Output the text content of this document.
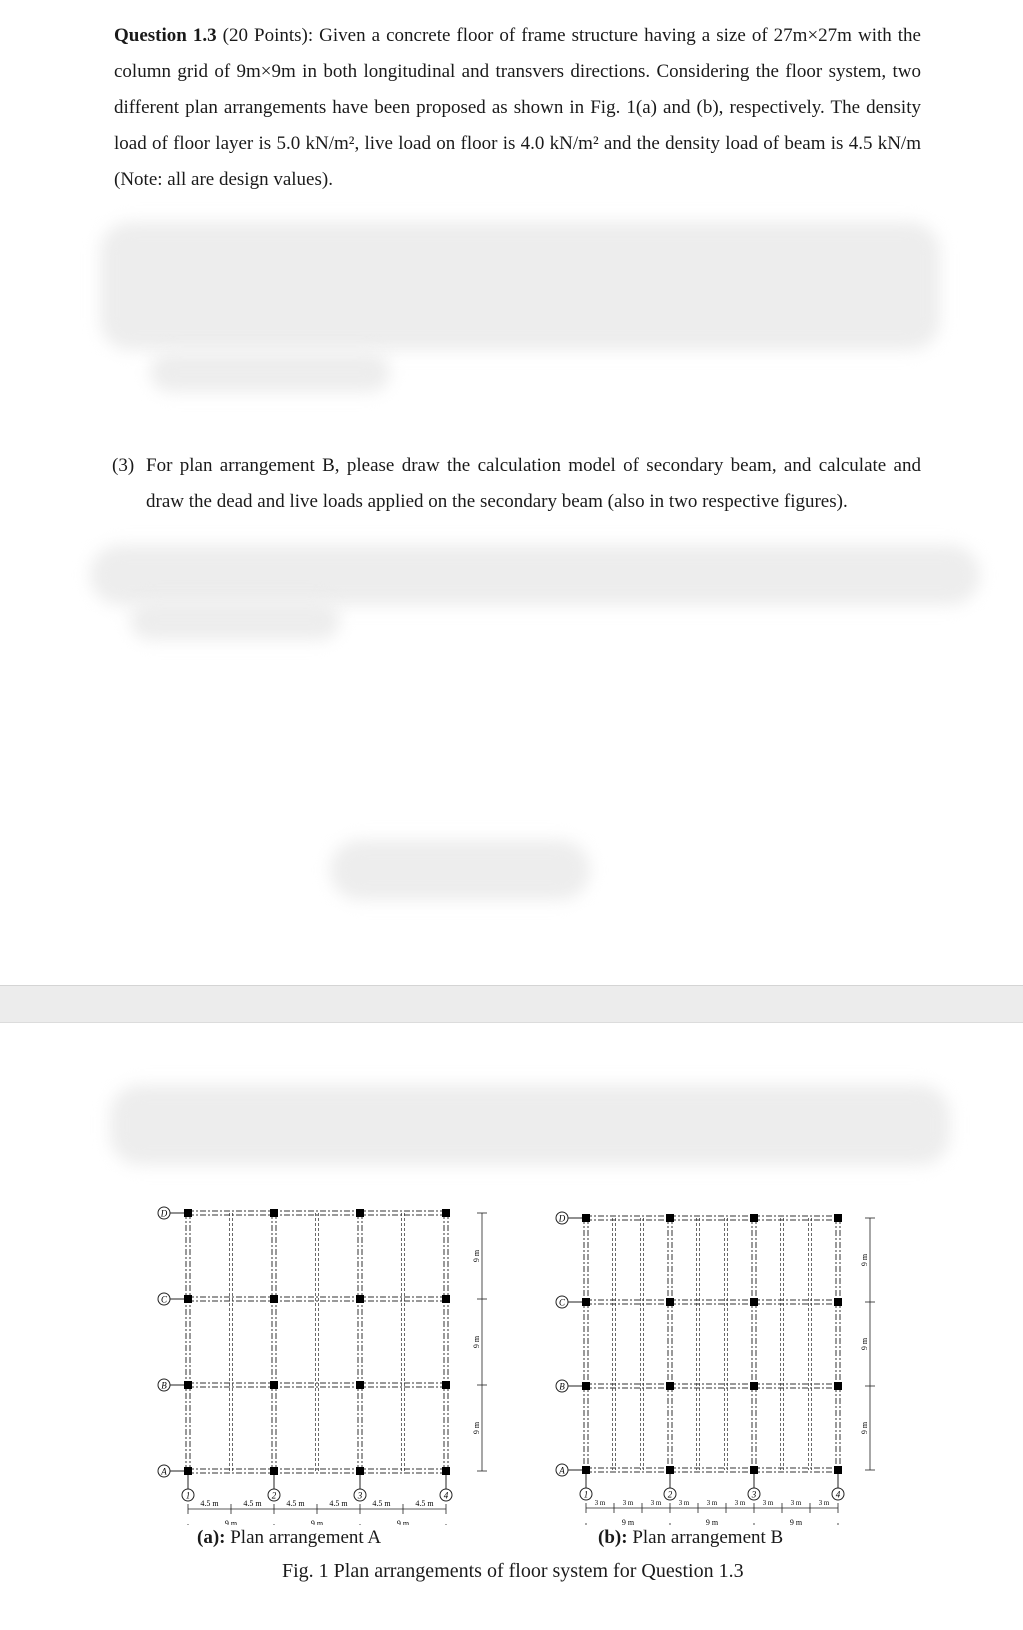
Question 1.3 (20 Points): Given a concrete floor of frame structure having a size of 27m×27m with the column grid of 9m×9m in both longitudinal and transvers directions. Considering the floor system, two different plan arrangements have been proposed as shown in Fig. 1(a) and (b), respectively. The density load of floor layer is 5.0 kN/m², live load on floor is 4.0 kN/m² and the density load of beam is 4.5 kN/m (Note: all are design values).
(3) For plan arrangement B, please draw the calculation model of secondary beam, and calculate and draw the dead and live loads applied on the secondary beam (also in two respective figures).
D
C
B
A
1	2	3	4
4.5 m	4.5 m	4.5 m	4.5 m	4.5 m	4.5 m
9 m	9 m	9 m
9 m
9 m
9 m
D
C
B
A
1	2	3	4
3 m 3 m 3 m 3 m 3 m 3 m 3 m 3 m 3 m
9 m	9 m	9 m
9 m
9 m
9 m
(a): Plan arrangement A	(b): Plan arrangement B
Fig. 1 Plan arrangements of floor system for Question 1.3
